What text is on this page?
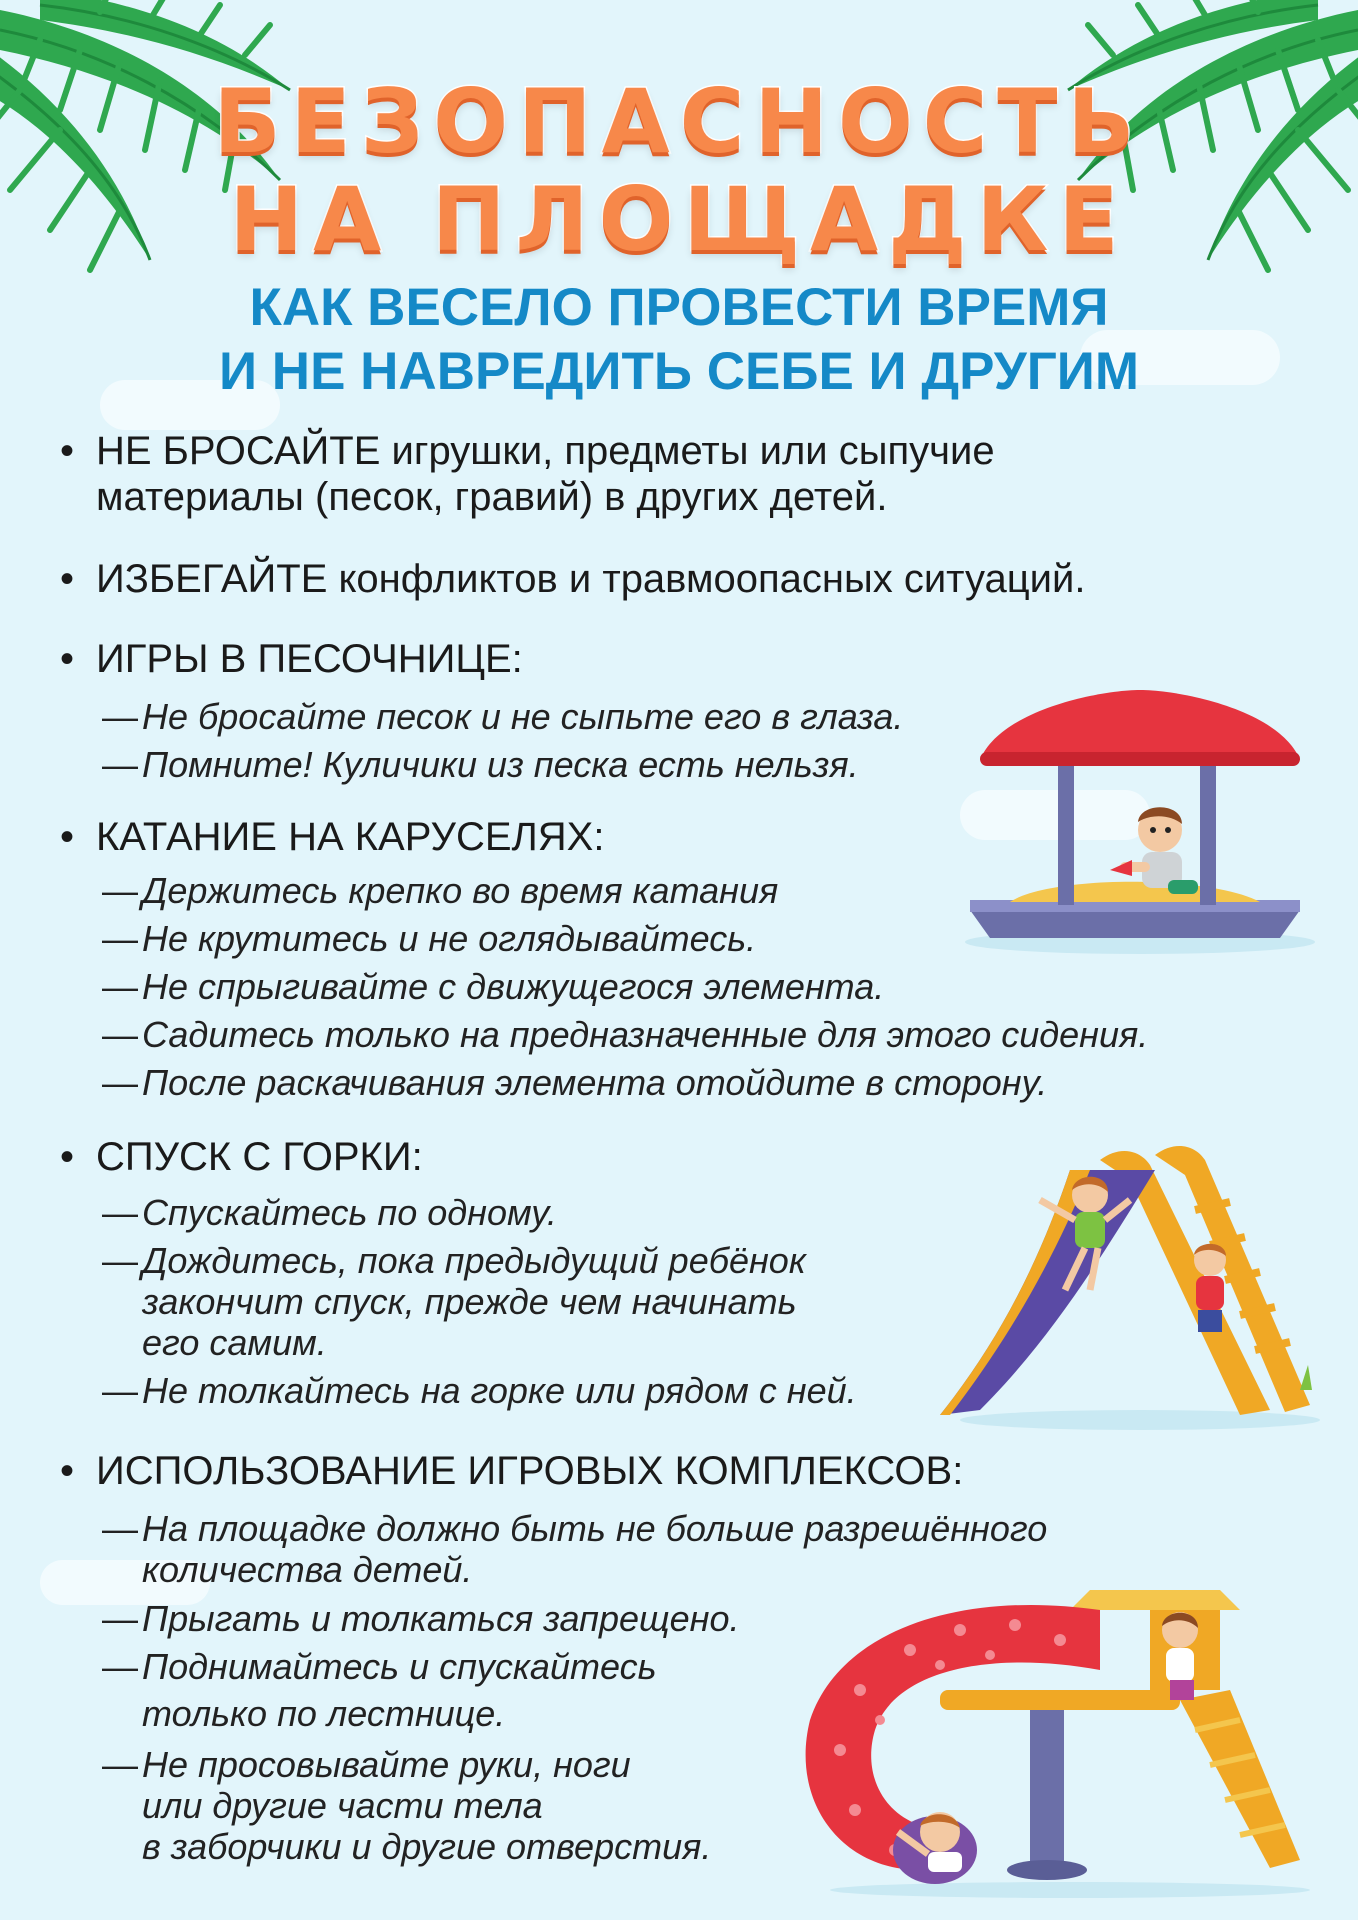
БЕЗОПАСНОСТЬ
НА ПЛОЩАДКЕ
КАК ВЕСЕЛО ПРОВЕСТИ ВРЕМЯ
И НЕ НАВРЕДИТЬ СЕБЕ И ДРУГИМ
• НЕ БРОСАЙТЕ игрушки, предметы или сыпучие
материалы (песок, гравий) в других детей.
• ИЗБЕГАЙТЕ конфликтов и травмоопасных ситуаций.
• ИГРЫ В ПЕСОЧНИЦЕ:
— Не бросайте песок и не сыпьте его в глаза.
— Помните! Куличики из песка есть нельзя.
• КАТАНИЕ НА КАРУСЕЛЯХ:
— Держитесь крепко во время катания
— Не крутитесь и не оглядывайтесь.
— Не спрыгивайте с движущегося элемента.
— Садитесь только на предназначенные для этого сидения.
— После раскачивания элемента отойдите в сторону.
• СПУСК С ГОРКИ:
— Спускайтесь по одному.
— Дождитесь, пока предыдущий ребёнок
закончит спуск, прежде чем начинать
его самим.
— Не толкайтесь на горке или рядом с ней.
• ИСПОЛЬЗОВАНИЕ ИГРОВЫХ КОМПЛЕКСОВ:
— На площадке должно быть не больше разрешённого
количества детей.
— Прыгать и толкаться запрещено.
— Поднимайтесь и спускайтесь
только по лестнице.
— Не просовывайте руки, ноги
или другие части тела
в заборчики и другие отверстия.
